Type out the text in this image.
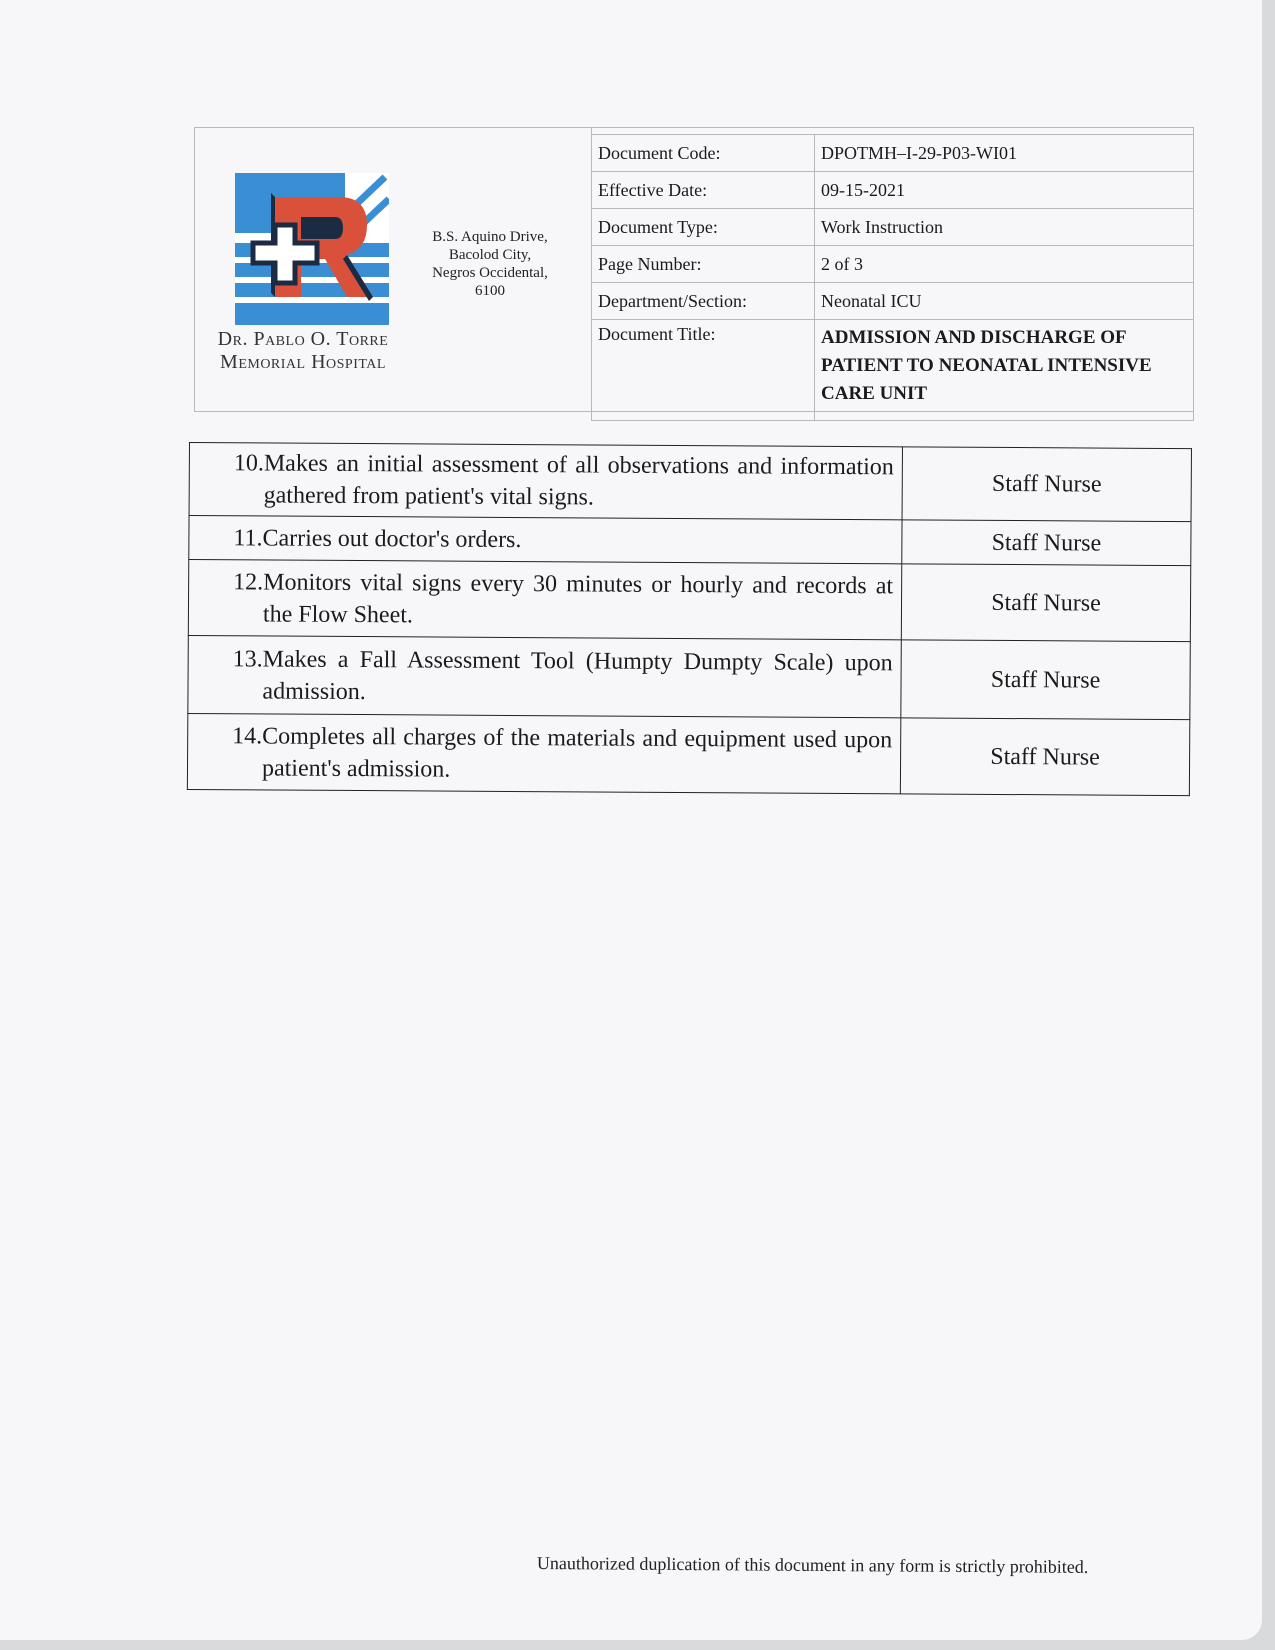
Dr. Pablo O. Torre
Memorial Hospital
B.S. Aquino Drive,
Bacolod City,
Negros Occidental,
6100
Document Code:	DPOTMH–I-29-P03-WI01
Effective Date:	09-15-2021
Document Type:	Work Instruction
Page Number:	2 of 3
Department/Section:	Neonatal ICU
Document Title:	ADMISSION AND DISCHARGE OF PATIENT TO NEONATAL INTENSIVE CARE UNIT
10. Makes an initial assessment of all observations and information gathered from patient's vital signs.	Staff Nurse

11. Carries out doctor's orders.	Staff Nurse

12. Monitors vital signs every 30 minutes or hourly and records at the Flow Sheet.	Staff Nurse

13. Makes a Fall Assessment Tool (Humpty Dumpty Scale) upon admission.	Staff Nurse

14. Completes all charges of the materials and equipment used upon patient's admission.	Staff Nurse
Unauthorized duplication of this document in any form is strictly prohibited.
